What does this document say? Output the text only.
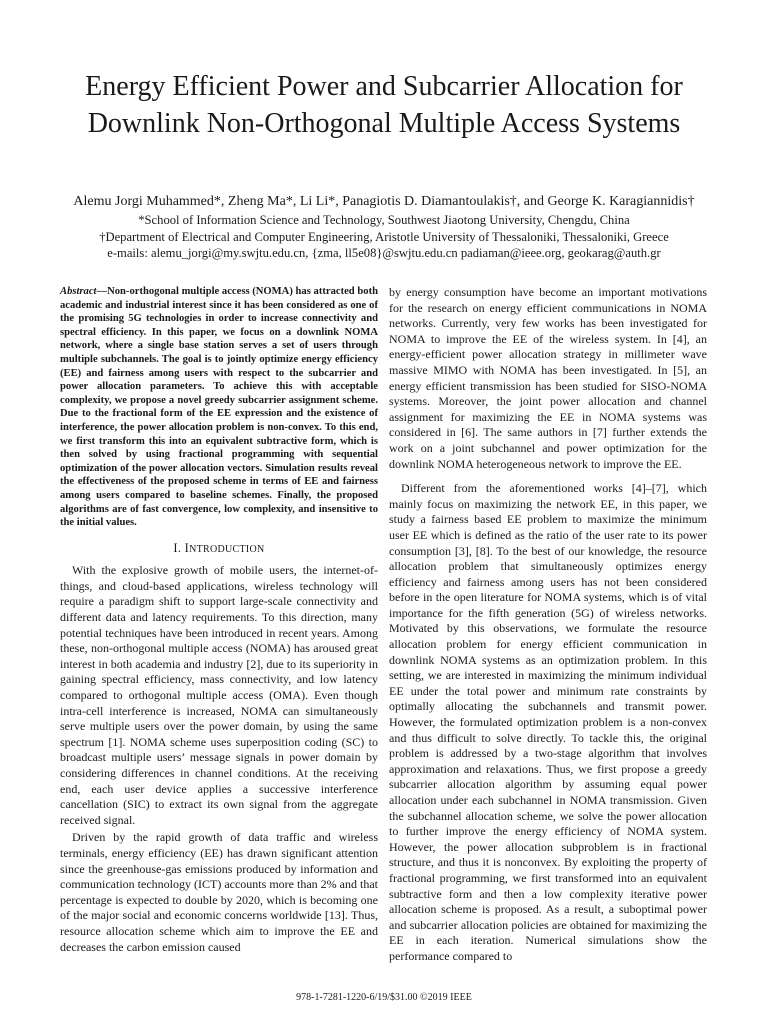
Energy Efficient Power and Subcarrier Allocation for Downlink Non-Orthogonal Multiple Access Systems
Alemu Jorgi Muhammed*, Zheng Ma*, Li Li*, Panagiotis D. Diamantoulakis†, and George K. Karagiannidis†
*School of Information Science and Technology, Southwest Jiaotong University, Chengdu, China
†Department of Electrical and Computer Engineering, Aristotle University of Thessaloniki, Thessaloniki, Greece
e-mails: alemu_jorgi@my.swjtu.edu.cn, {zma, ll5e08}@swjtu.edu.cn padiaman@ieee.org, geokarag@auth.gr

Abstract—Non-orthogonal multiple access (NOMA) has attracted both academic and industrial interest since it has been considered as one of the promising 5G technologies in order to increase connectivity and spectral efficiency. In this paper, we focus on a downlink NOMA network, where a single base station serves a set of users through multiple subchannels. The goal is to jointly optimize energy efficiency (EE) and fairness among users with respect to the subcarrier and power allocation parameters. To achieve this with acceptable complexity, we propose a novel greedy subcarrier assignment scheme. Due to the fractional form of the EE expression and the existence of interference, the power allocation problem is non-convex. To this end, we first transform this into an equivalent subtractive form, which is then solved by using fractional programming with sequential optimization of the power allocation vectors. Simulation results reveal the effectiveness of the proposed scheme in terms of EE and fairness among users compared to baseline schemes. Finally, the proposed algorithms are of fast convergence, low complexity, and insensitive to the initial values.

I. INTRODUCTION

With the explosive growth of mobile users, the internet-of-things, and cloud-based applications, wireless technology will require a paradigm shift to support large-scale connectivity and different data and latency requirements. To this direction, many potential techniques have been introduced in recent years. Among these, non-orthogonal multiple access (NOMA) has aroused great interest in both academia and industry [2], due to its superiority in gaining spectral efficiency, mass connectivity, and low latency compared to orthogonal multiple access (OMA). Even though intra-cell interference is increased, NOMA can simultaneously serve multiple users over the power domain, by using the same spectrum [1]. NOMA scheme uses superposition coding (SC) to broadcast multiple users’ message signals in power domain by considering differences in channel conditions. At the receiving end, each user device applies a successive interference cancellation (SIC) to extract its own signal from the aggregate received signal.

Driven by the rapid growth of data traffic and wireless terminals, energy efficiency (EE) has drawn significant attention since the greenhouse-gas emissions produced by information and communication technology (ICT) accounts more than 2% and that percentage is expected to double by 2020, which is becoming one of the major social and economic concerns worldwide [13]. Thus, resource allocation scheme which aim to improve the EE and decreases the carbon emission caused

by energy consumption have become an important motivations for the research on energy efficient communications in NOMA networks. Currently, very few works has been investigated for NOMA to improve the EE of the wireless system. In [4], an energy-efficient power allocation strategy in millimeter wave massive MIMO with NOMA has been investigated. In [5], an energy efficient transmission has been studied for SISO-NOMA systems. Moreover, the joint power allocation and channel assignment for maximizing the EE in NOMA systems was considered in [6]. The same authors in [7] further extends the work on a joint subchannel and power optimization for the downlink NOMA heterogeneous network to improve the EE.

Different from the aforementioned works [4]–[7], which mainly focus on maximizing the network EE, in this paper, we study a fairness based EE problem to maximize the minimum user EE which is defined as the ratio of the user rate to its power consumption [3], [8]. To the best of our knowledge, the resource allocation problem that simultaneously optimizes energy efficiency and fairness among users has not been considered before in the open literature for NOMA systems, which is of vital importance for the fifth generation (5G) of wireless networks. Motivated by this observations, we formulate the resource allocation problem for energy efficient communication in downlink NOMA systems as an optimization problem. In this setting, we are interested in maximizing the minimum individual EE under the total power and minimum rate constraints by optimally allocating the subchannels and transmit power. However, the formulated optimization problem is a non-convex and thus difficult to solve directly. To tackle this, the original problem is addressed by a two-stage algorithm that involves approximation and relaxations. Thus, we first propose a greedy subcarrier allocation algorithm by assuming equal power allocation under each subchannel in NOMA transmission. Given the subchannel allocation scheme, we solve the power allocation to further improve the energy efficiency of NOMA system. However, the power allocation subproblem is in fractional structure, and thus it is nonconvex. By exploiting the property of fractional programming, we first transformed into an equivalent subtractive form and then a low complexity iterative power allocation scheme is proposed. As a result, a suboptimal power and subcarrier allocation policies are obtained for maximizing the EE in each iteration. Numerical simulations show the performance compared to

978-1-7281-1220-6/19/$31.00 ©2019 IEEE
